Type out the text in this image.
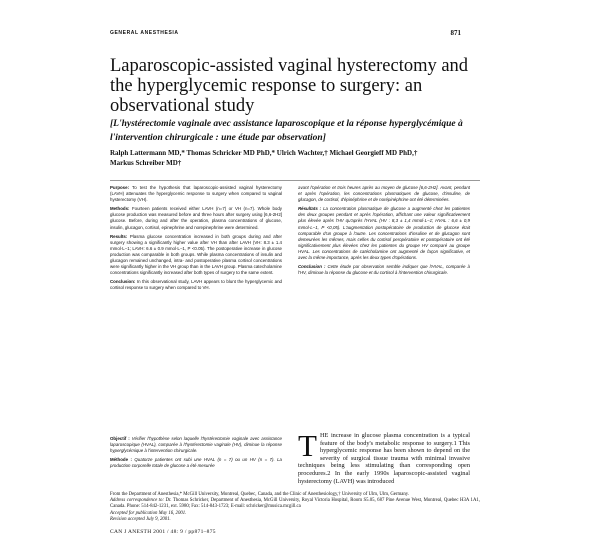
GENERAL ANESTHESIA	871
Laparoscopic-assisted vaginal hysterectomy and the hyperglycemic response to surgery: an observational study

[L'hystérectomie vaginale avec assistance laparoscopique et la réponse hyperglycémique à l'intervention chirurgicale : une étude par observation]

Ralph Lattermann MD,* Thomas Schricker MD PhD,* Ulrich Wachter,† Michael Georgieff MD PhD,†
Markus Schreiber MD†

Purpose: To test the hypothesis that laparoscopic-assisted vaginal hysterectomy (LAVH) attenuates the hyperglycemic response to surgery when compared to vaginal hysterectomy (VH).

Methods: Fourteen patients received either LAVH (n=7) or VH (n=7). Whole body glucose production was measured before and three hours after surgery using [6,6-2H2] glucose. Before, during and after the operation, plasma concentrations of glucose, insulin, glucagon, cortisol, epinephrine and norepinephrine were determined.

Results: Plasma glucose concentration increased in both groups during and after surgery showing a significantly higher value after VH than after LAVH (VH: 8.3 ± 1.4 mmol·L−1; LAVH: 6.6 ± 0.9 mmol·L−1, P <0.05). The postoperative increase in glucose production was comparable in both groups. While plasma concentrations of insulin and glucagon remained unchanged, intra- and postoperative plasma cortisol concentrations were significantly higher in the VH group than in the LAVH group. Plasma catecholamine concentrations significantly increased after both types of surgery to the same extent.

Conclusion: In this observational study, LAVH appears to blunt the hyperglycemic and cortisol response to surgery when compared to VH.

Objectif : Vérifier l'hypothèse selon laquelle l'hystérectomie vaginale avec assistance laparoscopique (HVAL), comparée à l'hystérectomie vaginale (HV), diminue la réponse hyperglycémique à l'intervention chirurgicale.

Méthode : Quatorze patientes ont subi une HVAL (n = 7) ou un HV (n = 7). La production corporelle totale de glucose a été mesurée

avant l'opération et trois heures après au moyen de glucose [6,6-2H2]. Avant, pendant et après l'opération, les concentrations plasmatiques de glucose, d'insuline, de glucagon, de cortisol, d'épinéphrine et de norépinéphrine ont été déterminées.

Résultats : La concentration plasmatique de glucose a augmenté chez les patientes des deux groupes pendant et après l'opération, affichant une valeur significativement plus élevée après l'HV qu'après l'HVAL (HV : 8,3 ± 1,4 mmol·L−1; HVAL : 6,6 ± 0,9 mmol·L−1, P <0,05). L'augmentation postopératoire de production de glucose était comparable d'un groupe à l'autre. Les concentrations d'insuline et de glucagon sont demeurées les mêmes, mais celles du cortisol peropératoire et postopératoire ont été significativement plus élevées chez les patientes du groupe HV comparé au groupe HVAL. Les concentrations de catécholamine ont augmenté de façon significative, et avec la même importance, après les deux types d'opérations.

Conclusion : Cette étude par observation semble indiquer que l'HVAL, comparée à l'HV, diminue la réponse du glucose et du cortisol à l'intervention chirurgicale.

THE increase in glucose plasma concentration is a typical feature of the body's metabolic response to surgery.1 This hyperglycemic response has been shown to depend on the severity of surgical tissue trauma with minimal invasive techniques being less stimulating than corresponding open procedures.2 In the early 1990s laparoscopic-assisted vaginal hysterectomy (LAVH) was introduced

From the Department of Anesthesia,* McGill University, Montreal, Quebec, Canada, and the Clinic of Anesthesiology,† University of Ulm, Ulm, Germany.

Address correspondence to: Dr. Thomas Schricker, Department of Anesthesia, McGill University, Royal Victoria Hospital, Room S5.05, 687 Pine Avenue West, Montreal, Quebec H3A 1A1, Canada. Phone: 514-842-1231, ext. 5980; Fax: 514-843-1723; E-mail: schricker@musica.mcgill.ca

Accepted for publication May 16, 2001.

Revision accepted July 9, 2001.

CAN J ANESTH 2001 / 48: 9 / pp871–875
